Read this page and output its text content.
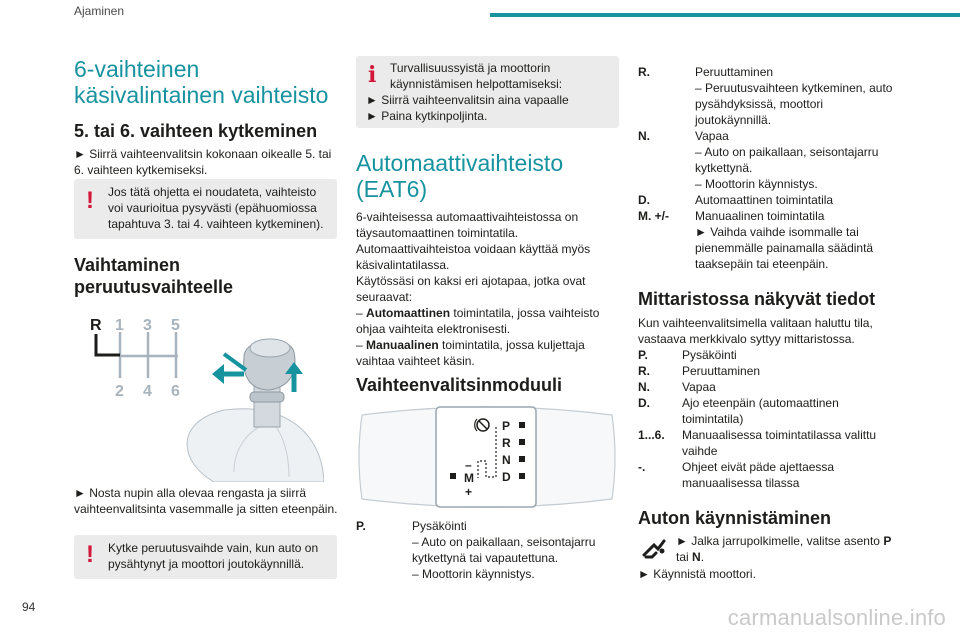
Ajaminen
6-vaihteinen käsivalintainen vaihteisto
5. tai 6. vaihteen kytkeminen
► Siirrä vaihteenvalitsin kokonaan oikealle 5. tai 6. vaihteen kytkemiseksi.
! Jos tätä ohjetta ei noudateta, vaihteisto voi vaurioitua pysyvästi (epähuomiossa tapahtuva 3. tai 4. vaihteen kytkeminen).
Vaihtaminen peruutusvaihteelle
R 1 3 5
2 4 6
► Nosta nupin alla olevaa rengasta ja siirrä vaihteenvalitsinta vasemmalle ja sitten eteenpäin.
! Kytke peruutusvaihde vain, kun auto on pysähtynyt ja moottori joutokäynnillä.
i Turvallisuussyistä ja moottorin käynnistämisen helpottamiseksi:
► Siirrä vaihteenvalitsin aina vapaalle
► Paina kytkinpoljinta.
Automaattivaihteisto (EAT6)
6-vaihteisessa automaattivaihteistossa on täysautomaattinen toimintatila. Automaattivaihteistoa voidaan käyttää myös käsivalintatilassa.
Käytössäsi on kaksi eri ajotapaa, jotka ovat seuraavat:
– Automaattinen toimintatila, jossa vaihteisto ohjaa vaihteita elektronisesti.
– Manuaalinen toimintatila, jossa kuljettaja vaihtaa vaihteet käsin.
Vaihteenvalitsinmoduuli
P
R
N
D
M
–
+
P.	Pysäköinti
– Auto on paikallaan, seisontajarru kytkettynä tai vapautettuna.
– Moottorin käynnistys.
R.	Peruuttaminen
– Peruutusvaihteen kytkeminen, auto pysähdyksissä, moottori joutokäynnillä.
N.	Vapaa
– Auto on paikallaan, seisontajarru kytkettynä.
– Moottorin käynnistys.
D.	Automaattinen toimintatila
M. +/- Manuaalinen toimintatila
► Vaihda vaihde isommalle tai pienemmälle painamalla säädintä taaksepäin tai eteenpäin.
Mittaristossa näkyvät tiedot
Kun vaihteenvalitsimella valitaan haluttu tila, vastaava merkkivalo syttyy mittaristossa.
P.	Pysäköinti
R.	Peruuttaminen
N.	Vapaa
D.	Ajo eteenpäin (automaattinen toimintatila)
1...6. Manuaalisessa toimintatilassa valittu vaihde
-.	Ohjeet eivät päde ajettaessa manuaalisessa tilassa
Auton käynnistäminen
► Jalka jarrupolkimelle, valitse asento P tai N.
► Käynnistä moottori.
94	carmanualsonline.info
